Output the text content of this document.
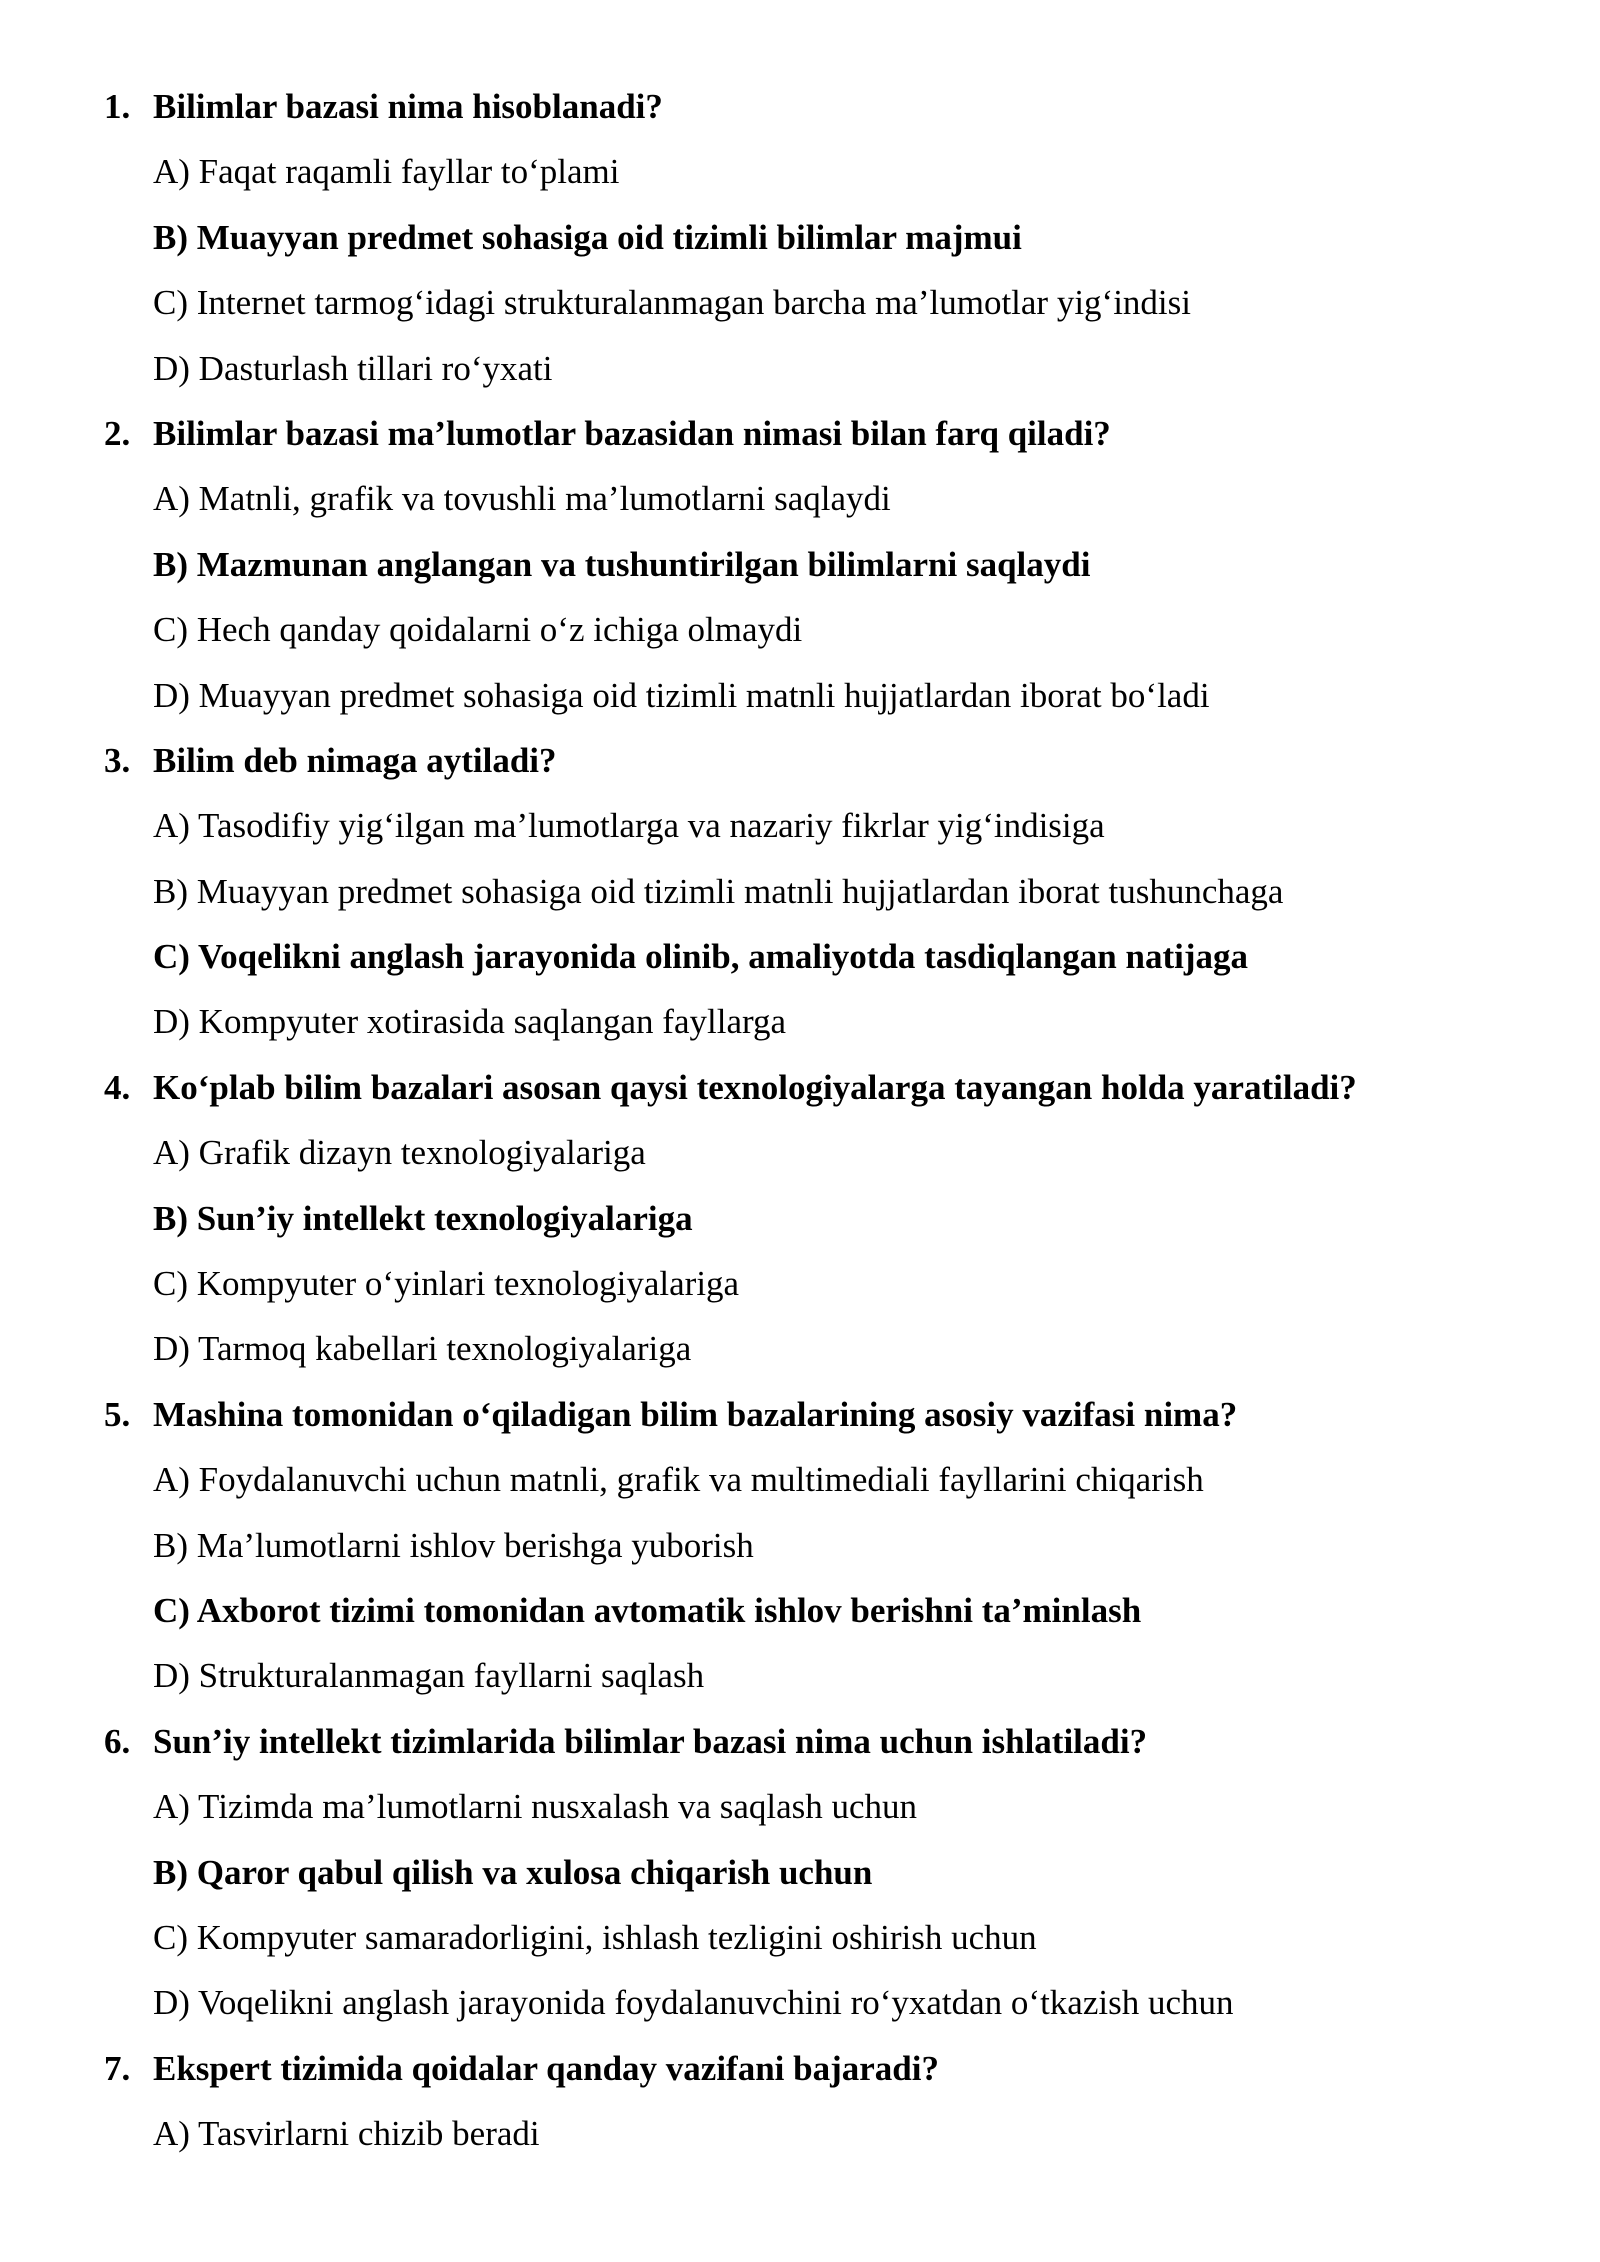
1. Bilimlar bazasi nima hisoblanadi?
A) Faqat raqamli fayllar to‘plami
B) Muayyan predmet sohasiga oid tizimli bilimlar majmui
C) Internet tarmog‘idagi strukturalanmagan barcha ma’lumotlar yig‘indisi
D) Dasturlash tillari ro‘yxati
2. Bilimlar bazasi ma’lumotlar bazasidan nimasi bilan farq qiladi?
A) Matnli, grafik va tovushli ma’lumotlarni saqlaydi
B) Mazmunan anglangan va tushuntirilgan bilimlarni saqlaydi
C) Hech qanday qoidalarni o‘z ichiga olmaydi
D) Muayyan predmet sohasiga oid tizimli matnli hujjatlardan iborat bo‘ladi
3. Bilim deb nimaga aytiladi?
A) Tasodifiy yig‘ilgan ma’lumotlarga va nazariy fikrlar yig‘indisiga
B) Muayyan predmet sohasiga oid tizimli matnli hujjatlardan iborat tushunchaga
C) Voqelikni anglash jarayonida olinib, amaliyotda tasdiqlangan natijaga
D) Kompyuter xotirasida saqlangan fayllarga
4. Ko‘plab bilim bazalari asosan qaysi texnologiyalarga tayangan holda yaratiladi?
A) Grafik dizayn texnologiyalariga
B) Sun’iy intellekt texnologiyalariga
C) Kompyuter o‘yinlari texnologiyalariga
D) Tarmoq kabellari texnologiyalariga
5. Mashina tomonidan o‘qiladigan bilim bazalarining asosiy vazifasi nima?
A) Foydalanuvchi uchun matnli, grafik va multimediali fayllarini chiqarish
B) Ma’lumotlarni ishlov berishga yuborish
C) Axborot tizimi tomonidan avtomatik ishlov berishni ta’minlash
D) Strukturalanmagan fayllarni saqlash
6. Sun’iy intellekt tizimlarida bilimlar bazasi nima uchun ishlatiladi?
A) Tizimda ma’lumotlarni nusxalash va saqlash uchun
B) Qaror qabul qilish va xulosa chiqarish uchun
C) Kompyuter samaradorligini, ishlash tezligini oshirish uchun
D) Voqelikni anglash jarayonida foydalanuvchini ro‘yxatdan o‘tkazish uchun
7. Ekspert tizimida qoidalar qanday vazifani bajaradi?
A) Tasvirlarni chizib beradi
